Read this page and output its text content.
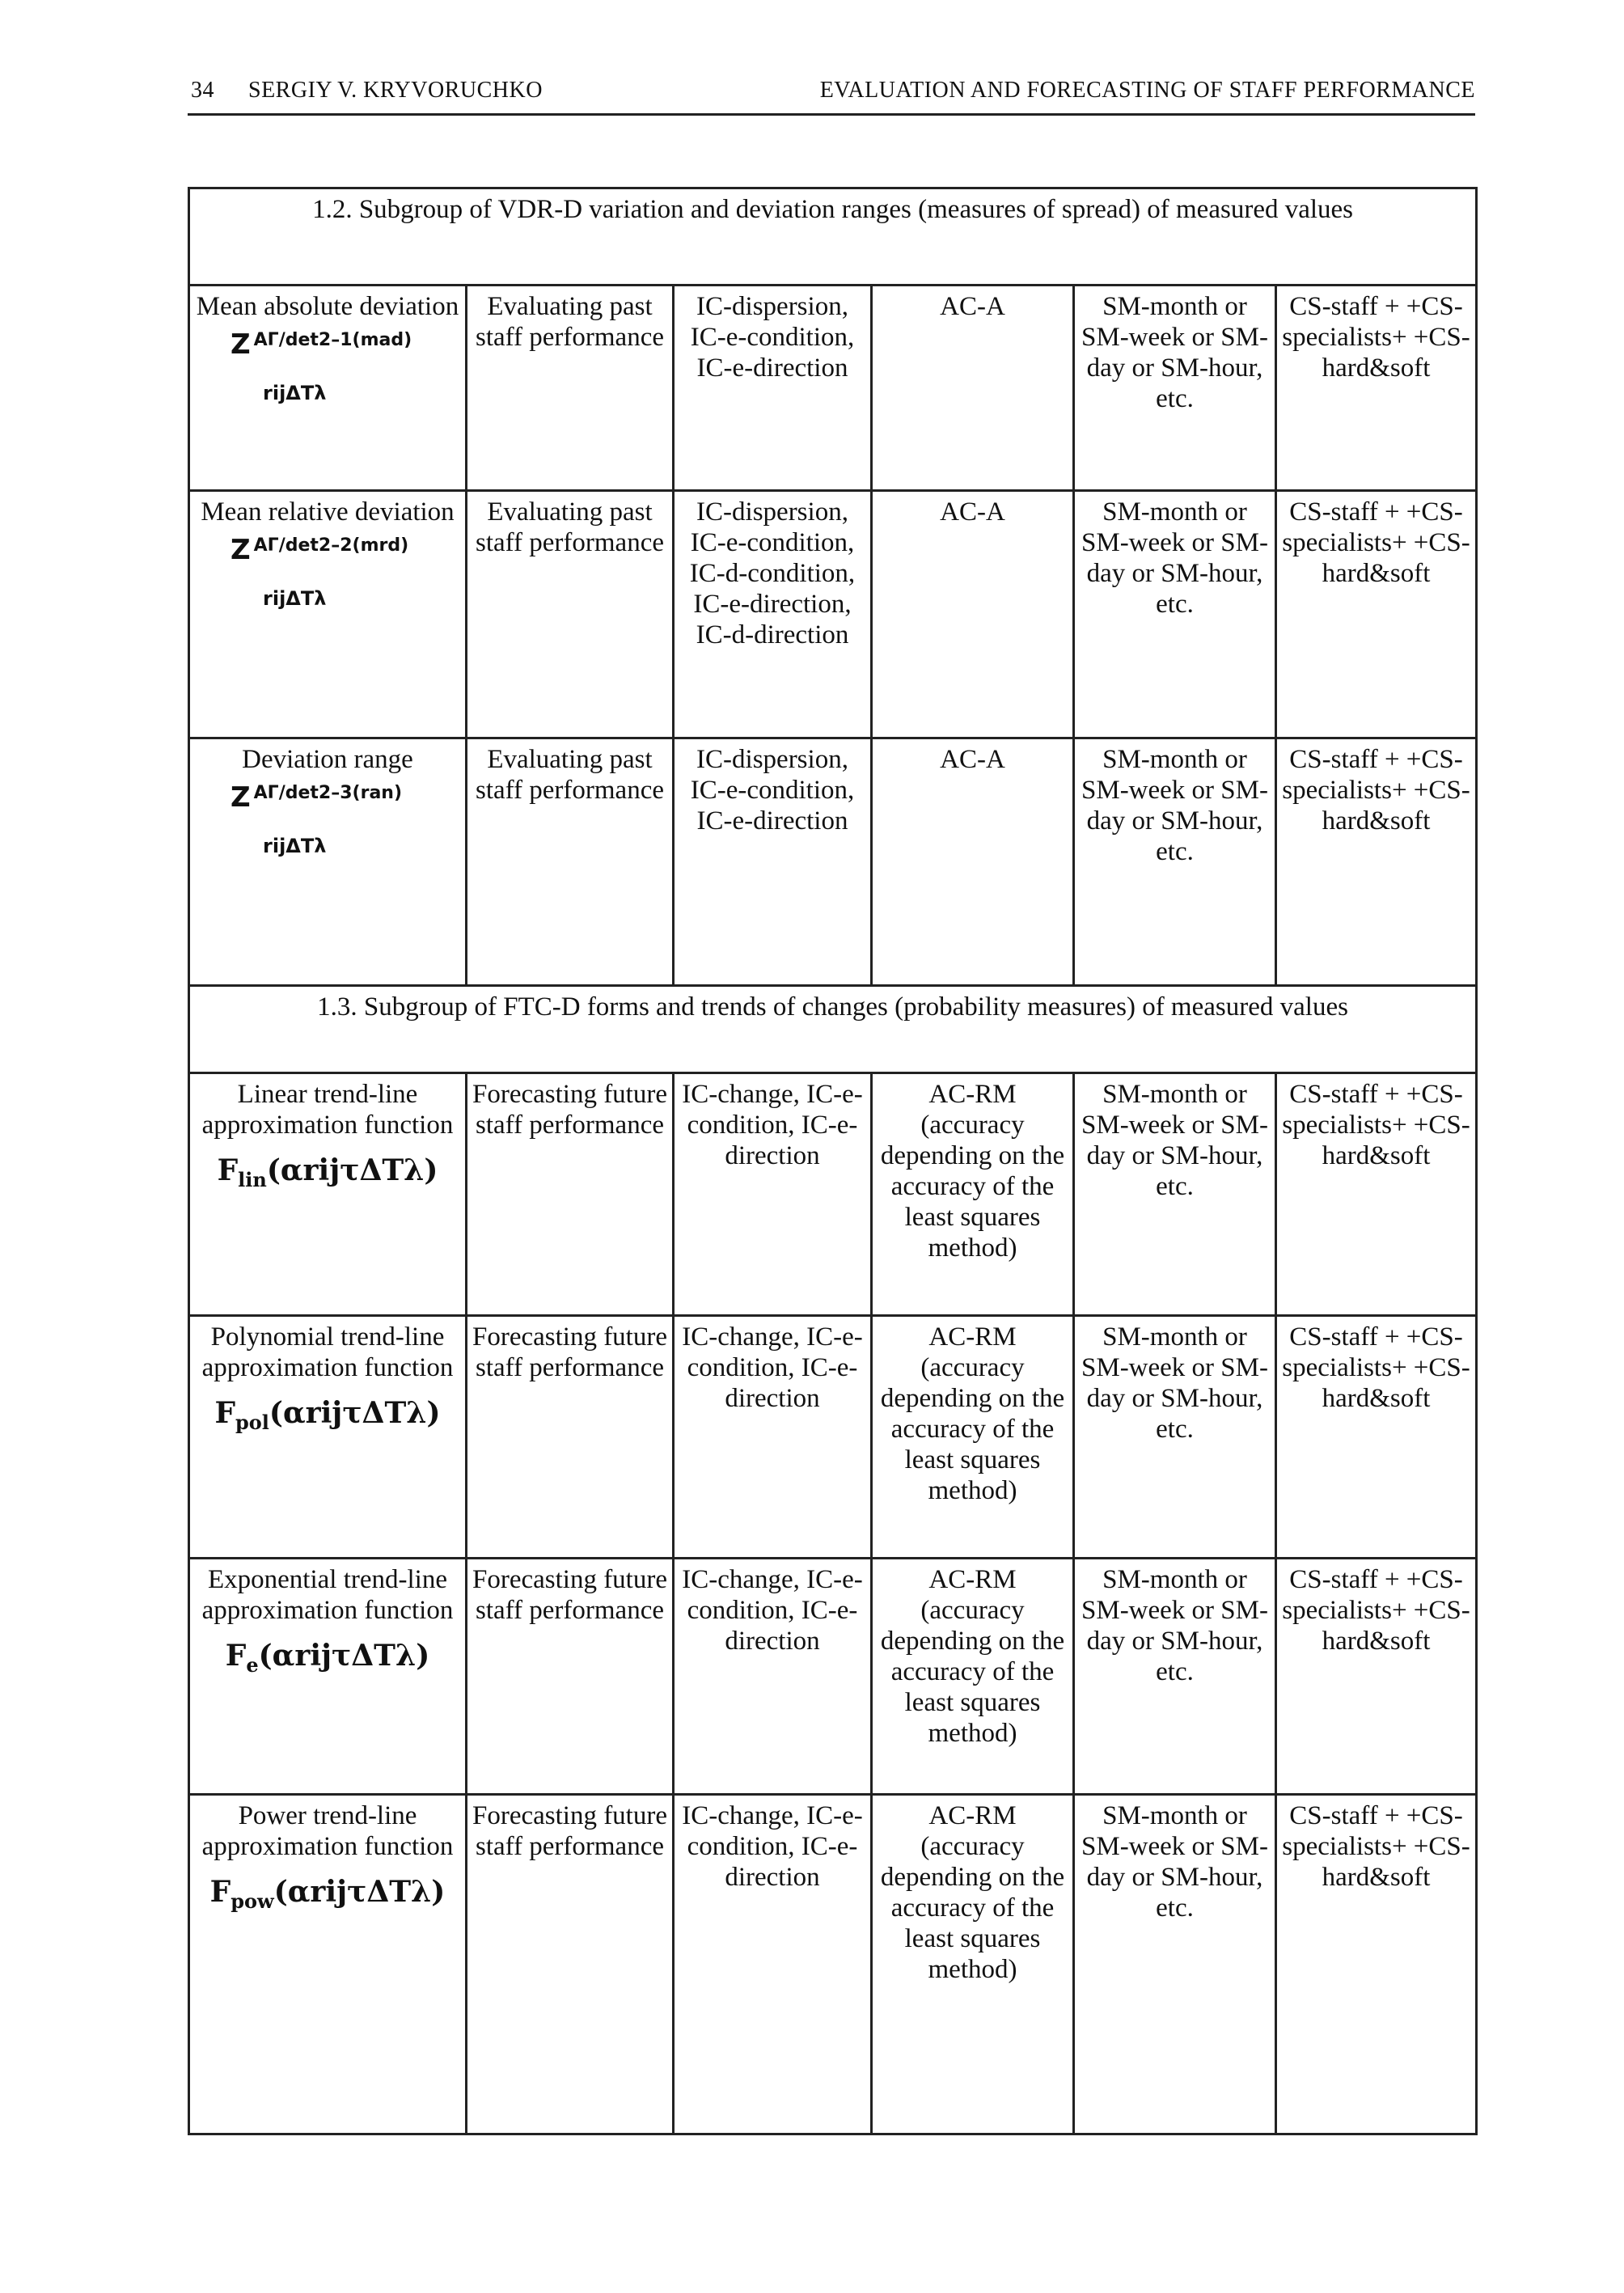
34 SERGIY V. KRYVORUCHKO	EVALUATION AND FORECASTING OF STAFF PERFORMANCE
1.2. Subgroup of VDR-D variation and deviation ranges (measures of spread) of measured values					
Mean absolute deviation
Z $^{A\Gamma/det2-1(mad)}$
$_{rij\Delta T\lambda}$	Evaluating past staff performance	IC-dispersion, IC-e-condition, IC-e-direction	AC-A	SM-month or SM-week or SM-day or SM-hour, etc.	CS-staff + +CS-specialists+ +CS-hard&soft
Mean relative deviation
Z $^{A\Gamma/det2-2(mrd)}$
$_{rij\Delta T\lambda}$	Evaluating past staff performance	IC-dispersion, IC-e-condition, IC-d-condition, IC-e-direction, IC-d-direction	AC-A	SM-month or SM-week or SM-day or SM-hour, etc.	CS-staff + +CS-specialists+ +CS-hard&soft
Deviation range
Z $^{A\Gamma/det2-3(ran)}$
$_{rij\Delta T\lambda}$	Evaluating past staff performance	IC-dispersion, IC-e-condition, IC-e-direction	AC-A	SM-month or SM-week or SM-day or SM-hour, etc.	CS-staff + +CS-specialists+ +CS-hard&soft
1.3. Subgroup of FTC-D forms and trends of changes (probability measures) of measured values					
Linear trend-line approximation function
$F_{lin}(\alpha rij\tau\Delta T\lambda)$	Forecasting future staff performance	IC-change, IC-e-condition, IC-e-direction	AC-RM (accuracy depending on the accuracy of the least squares method)	SM-month or SM-week or SM-day or SM-hour, etc.	CS-staff + +CS-specialists+ +CS-hard&soft
Polynomial trend-line approximation function
$F_{pol}(\alpha rij\tau\Delta T\lambda)$	Forecasting future staff performance	IC-change, IC-e-condition, IC-e-direction	AC-RM (accuracy depending on the accuracy of the least squares method)	SM-month or SM-week or SM-day or SM-hour, etc.	CS-staff + +CS-specialists+ +CS-hard&soft
Exponential trend-line approximation function
$F_e(\alpha rij\tau\Delta T\lambda)$	Forecasting future staff performance	IC-change, IC-e-condition, IC-e-direction	AC-RM (accuracy depending on the accuracy of the least squares method)	SM-month or SM-week or SM-day or SM-hour, etc.	CS-staff + +CS-specialists+ +CS-hard&soft
Power trend-line approximation function
$F_{pow}(\alpha rij\tau\Delta T\lambda)$	Forecasting future staff performance	IC-change, IC-e-condition, IC-e-direction	AC-RM (accuracy depending on the accuracy of the least squares method)	SM-month or SM-week or SM-day or SM-hour, etc.	CS-staff + +CS-specialists+ +CS-hard&soft
